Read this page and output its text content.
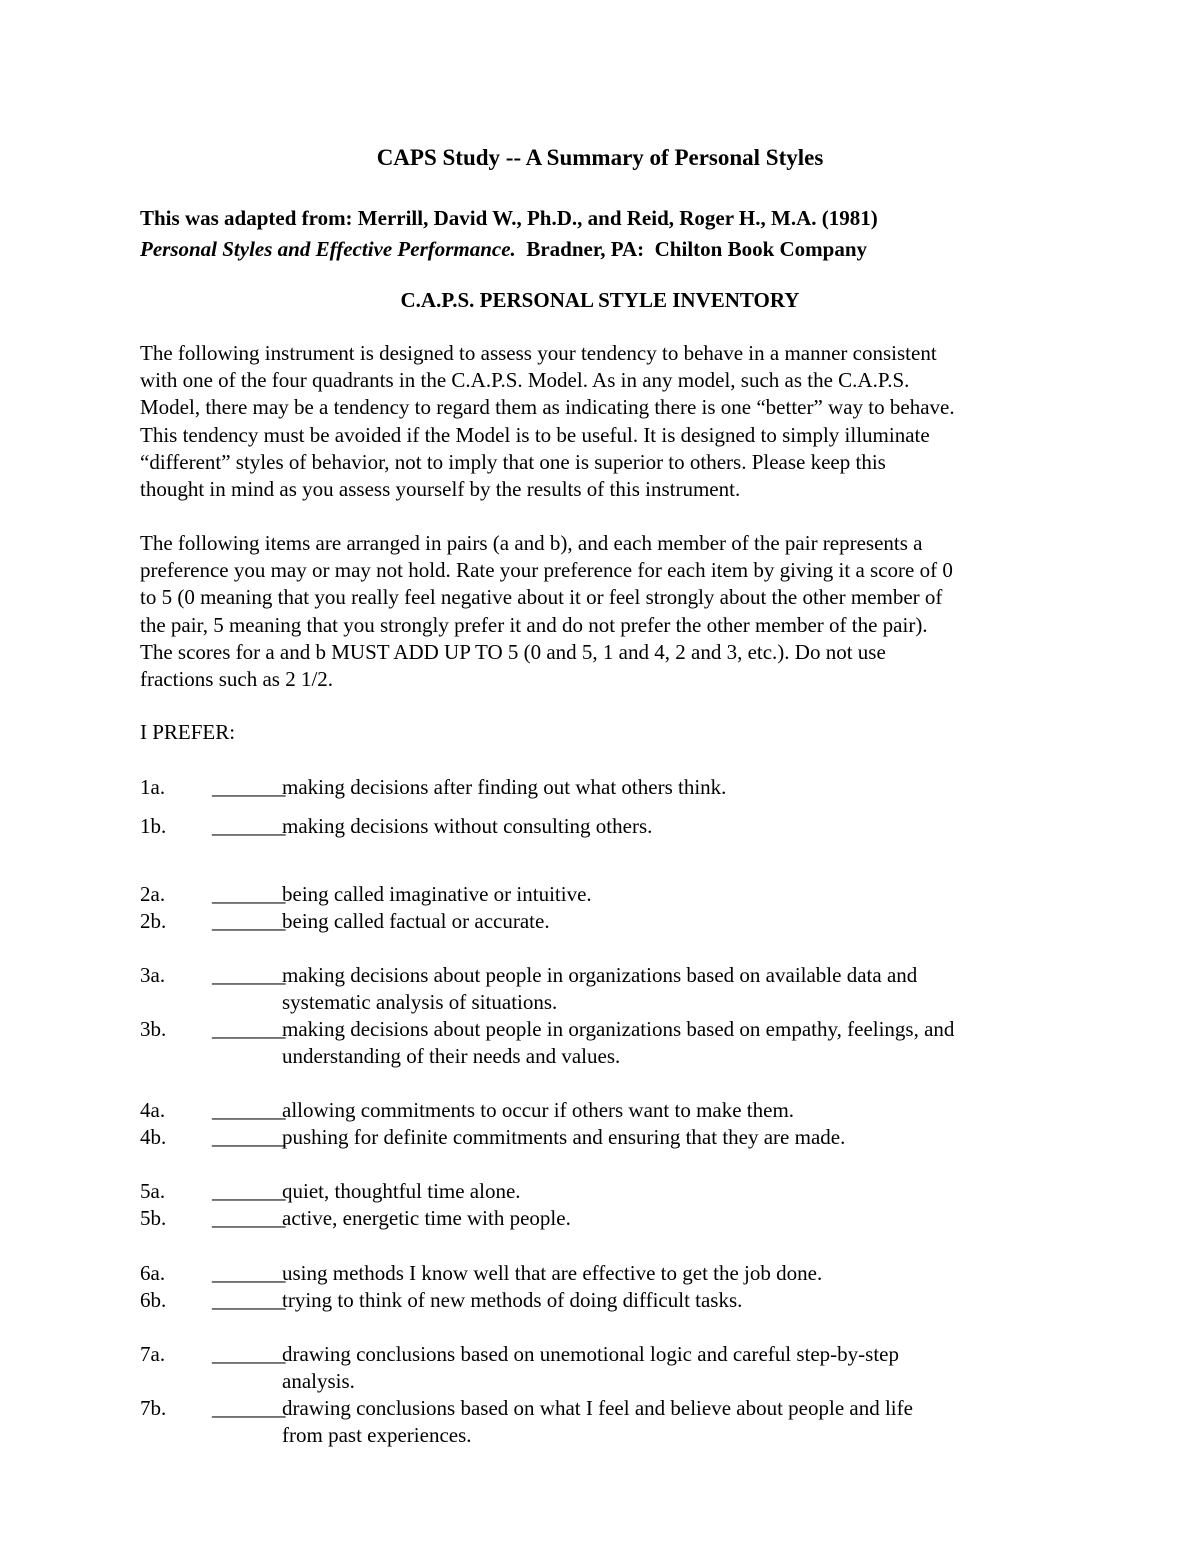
CAPS Study -- A Summary of Personal Styles
This was adapted from: Merrill, David W., Ph.D., and Reid, Roger H., M.A. (1981)
Personal Styles and Effective Performance.  Bradner, PA:  Chilton Book Company
C.A.P.S. PERSONAL STYLE INVENTORY

The following instrument is designed to assess your tendency to behave in a manner consistent
with one of the four quadrants in the C.A.P.S. Model. As in any model, such as the C.A.P.S.
Model, there may be a tendency to regard them as indicating there is one “better” way to behave.
This tendency must be avoided if the Model is to be useful. It is designed to simply illuminate
“different” styles of behavior, not to imply that one is superior to others. Please keep this
thought in mind as you assess yourself by the results of this instrument.

The following items are arranged in pairs (a and b), and each member of the pair represents a
preference you may or may not hold. Rate your preference for each item by giving it a score of 0
to 5 (0 meaning that you really feel negative about it or feel strongly about the other member of
the pair, 5 meaning that you strongly prefer it and do not prefer the other member of the pair).
The scores for a and b MUST ADD UP TO 5 (0 and 5, 1 and 4, 2 and 3, etc.). Do not use
fractions such as 2 1/2.

I PREFER:
1a. _______
making decisions after finding out what others think.
1b. _______
making decisions without consulting others.
2a. _______
being called imaginative or intuitive.
2b. _______
being called factual or accurate.
3a. _______
making decisions about people in organizations based on available data and
systematic analysis of situations.
3b. _______
making decisions about people in organizations based on empathy, feelings, and
understanding of their needs and values.
4a. _______
allowing commitments to occur if others want to make them.
4b. _______
pushing for definite commitments and ensuring that they are made.
5a. _______
quiet, thoughtful time alone.
5b. _______
active, energetic time with people.
6a. _______
using methods I know well that are effective to get the job done.
6b. _______
trying to think of new methods of doing difficult tasks.
7a. _______
drawing conclusions based on unemotional logic and careful step-by-step
analysis.
7b. _______
drawing conclusions based on what I feel and believe about people and life
from past experiences.
